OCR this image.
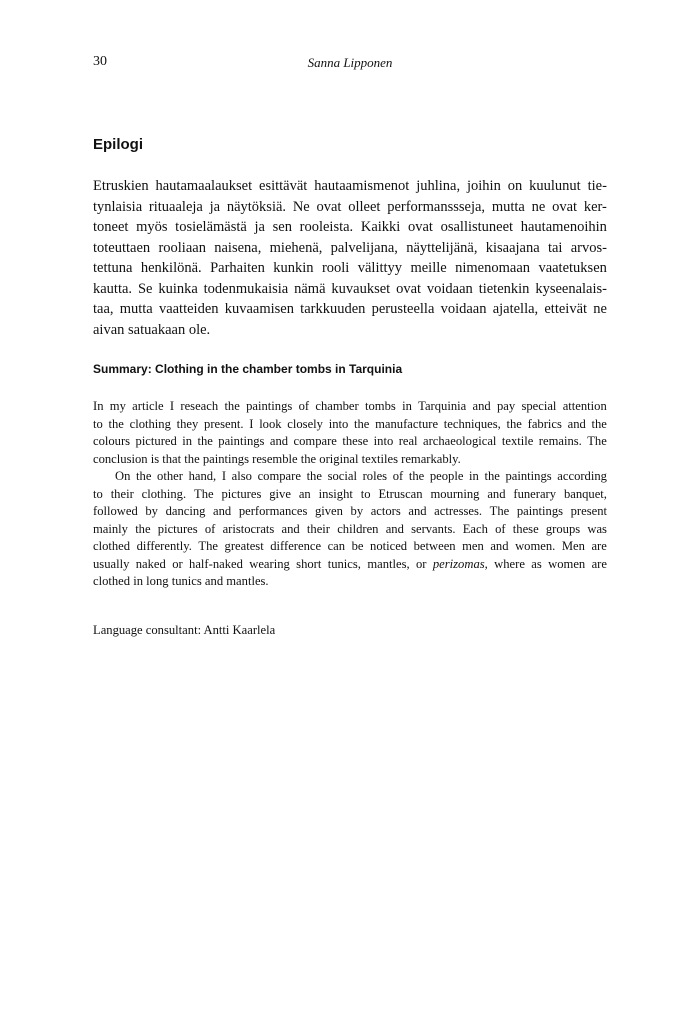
30	Sanna Lipponen
Epilogi
Etruskien hautamaalaukset esittävät hautaamismenot juhlina, joihin on kuulunut tie-
tynlaisia rituaaleja ja näytöksiä. Ne ovat olleet performanssseja, mutta ne ovat ker-
toneet myös tosielämästä ja sen rooleista. Kaikki ovat osallistuneet hautamenoihin
toteuttaen rooliaan naisena, miehenä, palvelijana, näyttelijänä, kisaajana tai arvos-
tettuna henkilönä. Parhaiten kunkin rooli välittyy meille nimenomaan vaatetuksen
kautta. Se kuinka todenmukaisia nämä kuvaukset ovat voidaan tietenkin kyseenalais-
taa, mutta vaatteiden kuvaamisen tarkkuuden perusteella voidaan ajatella, etteivät ne
aivan satuakaan ole.
Summary: Clothing in the chamber tombs in Tarquinia
In my article I reseach the paintings of chamber tombs in Tarquinia and pay special attention
to the clothing they present. I look closely into the manufacture techniques, the fabrics and the
colours pictured in the paintings and compare these into real archaeological textile remains. The
conclusion is that the paintings resemble the original textiles remarkably.
On the other hand, I also compare the social roles of the people in the paintings according
to their clothing. The pictures give an insight to Etruscan mourning and funerary banquet,
followed by dancing and performances given by actors and actresses. The paintings present
mainly the pictures of aristocrats and their children and servants. Each of these groups was
clothed differently. The greatest difference can be noticed between men and women. Men are
usually naked or half-naked wearing short tunics, mantles, or perizomas, where as women are
clothed in long tunics and mantles.
Language consultant: Antti Kaarlela
